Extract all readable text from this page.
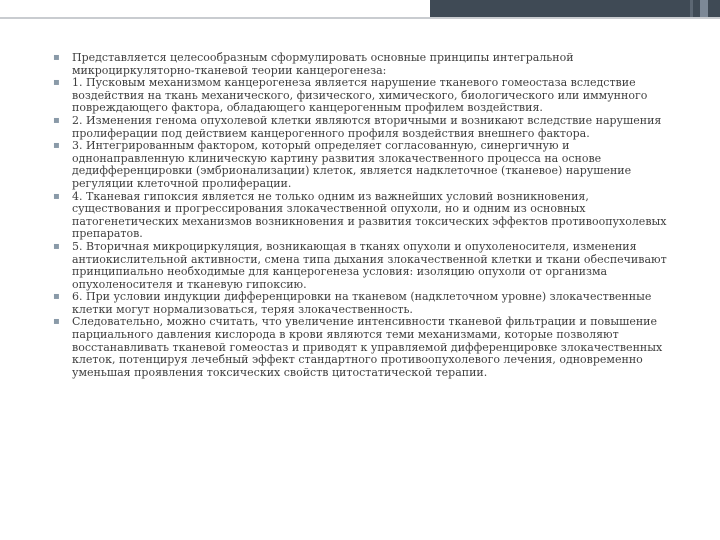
▪ Представляется целесообразным сформулировать основные принципы интегральной микроциркуляторно-тканевой теории канцерогенеза:
▪ 1. Пусковым механизмом канцерогенеза является нарушение тканевого гомеостаза вследствие воздействия на ткань механического, физического, химического, биологического или иммунного повреждающего фактора, обладающего канцерогенным профилем воздействия.
▪ 2. Изменения генома опухолевой клетки являются вторичными и возникают вследствие нарушения пролиферации под действием канцерогенного профиля воздействия внешнего фактора.
▪ 3. Интегрированным фактором, который определяет согласованную, синергичную и однонаправленную клиническую картину развития злокачественного процесса на основе дедифференцировки (эмбрионализации) клеток, является надклеточное (тканевое) нарушение регуляции клеточной пролиферации.
▪ 4. Тканевая гипоксия является не только одним из важнейших условий возникновения, существования и прогрессирования злокачественной опухоли, но и одним из основных патогенетических механизмов возникновения и развития токсических эффектов противоопухолевых препаратов.
▪ 5. Вторичная микроциркуляция, возникающая в тканях опухоли и опухоленосителя, изменения антиокислительной активности, смена типа дыхания злокачественной клетки и ткани обеспечивают принципиально необходимые для канцерогенеза условия: изоляцию опухоли от организма опухоленосителя и тканевую гипоксию.
▪ 6. При условии индукции дифференцировки на тканевом (надклеточном уровне) злокачественные клетки могут нормализоваться, теряя злокачественность.
▪ Следовательно, можно считать, что увеличение интенсивности тканевой фильтрации и повышение парциального давления кислорода в крови являются теми механизмами, которые позволяют восстанавливать тканевой гомеостаз и приводят к управляемой дифференцировке злокачественных клеток, потенцируя лечебный эффект стандартного противоопухолевого лечения, одновременно уменьшая проявления токсических свойств цитостатической терапии.
